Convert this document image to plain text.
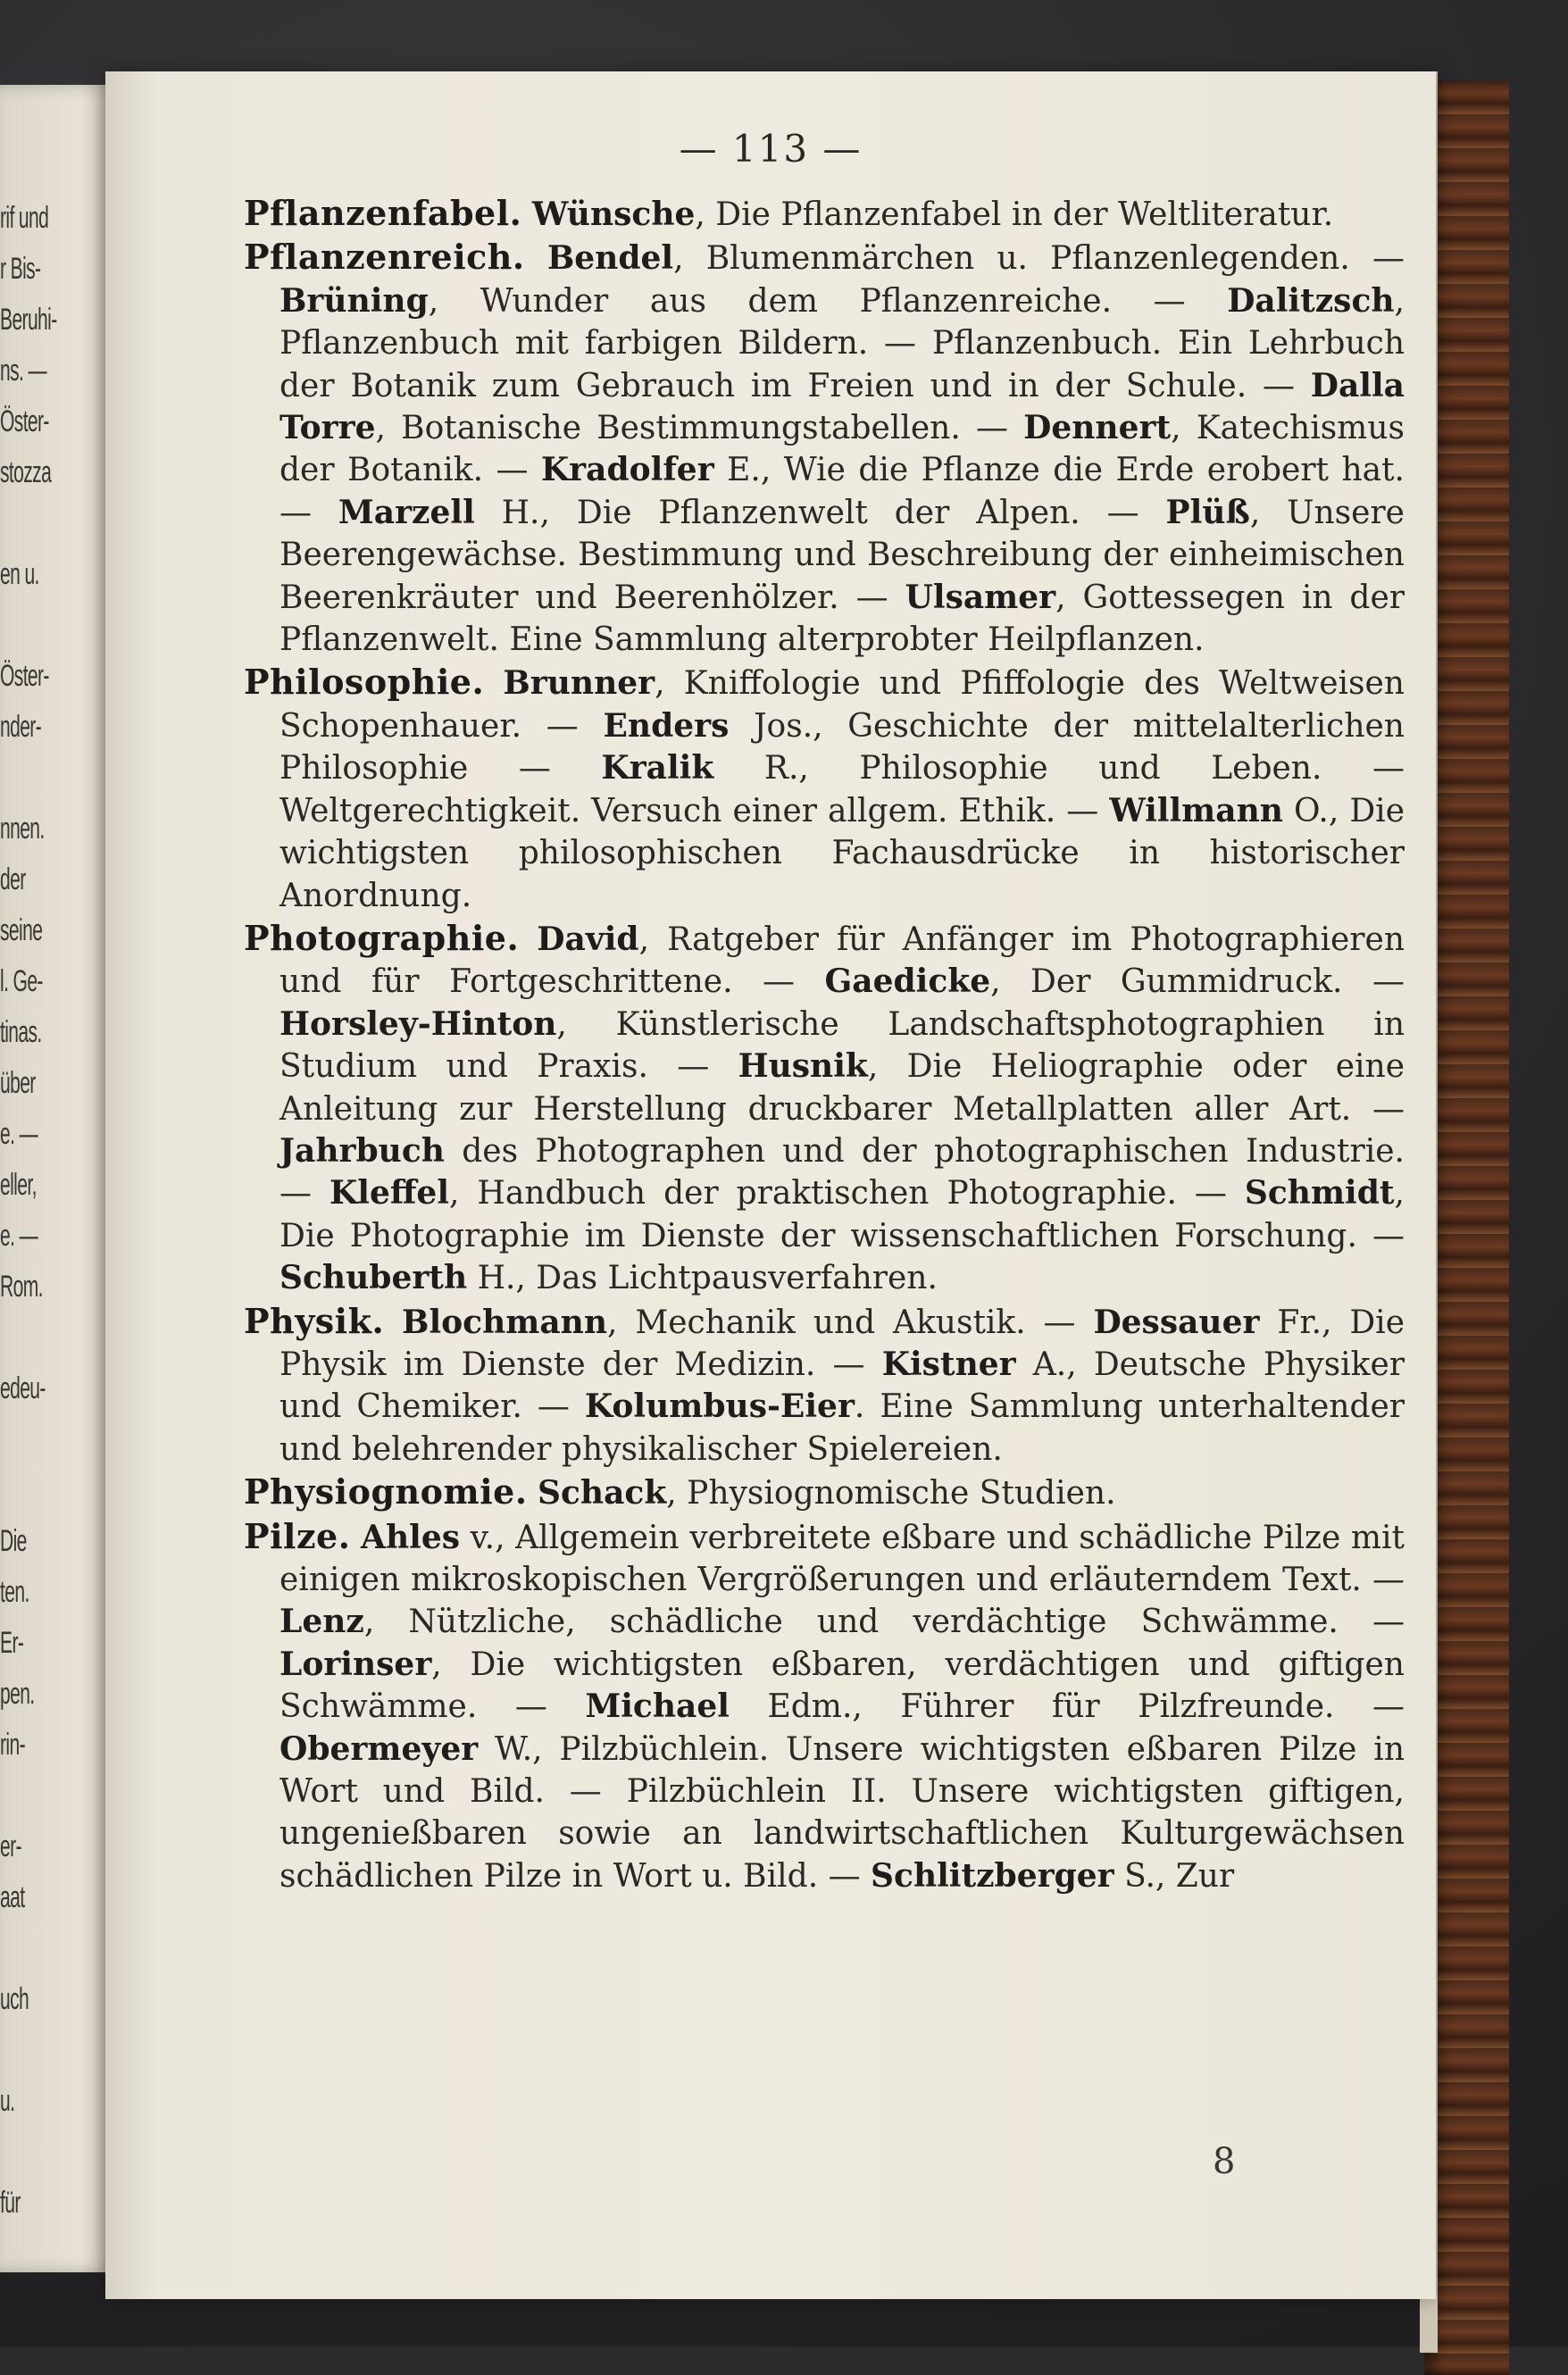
rif und
r Bis-
Beruhi-
ns. —
Öster-
stozza
en u.
Öster-
nder-
nnen.
der
seine
l. Ge-
tinas.
über
e. —
eller,
e. —
Rom.
edeu-
Die
ten.
Er-
pen.
rin-
er-
aat
uch
u.
für
— 113 —

Pflanzenfabel. Wünsche, Die Pflanzenfabel in der Weltliteratur.

Pflanzenreich. Bendel, Blumenmärchen u. Pflanzenlegenden. — Brüning, Wunder aus dem Pflanzenreiche. — Dalitzsch, Pflanzenbuch mit farbigen Bildern. — Pflanzenbuch. Ein Lehrbuch der Botanik zum Gebrauch im Freien und in der Schule. — Dalla Torre, Botanische Bestimmungstabellen. — Dennert, Katechismus der Botanik. — Kradolfer E., Wie die Pflanze die Erde erobert hat. — Marzell H., Die Pflanzenwelt der Alpen. — Plüß, Unsere Beerengewächse. Bestimmung und Beschreibung der einheimischen Beerenkräuter und Beerenhölzer. — Ulsamer, Gottessegen in der Pflanzenwelt. Eine Sammlung alterprobter Heilpflanzen.

Philosophie. Brunner, Kniffologie und Pfiffologie des Weltweisen Schopenhauer. — Enders Jos., Geschichte der mittelalterlichen Philosophie — Kralik R., Philosophie und Leben. — Weltgerechtigkeit. Versuch einer allgem. Ethik. — Willmann O., Die wichtigsten philosophischen Fachausdrücke in historischer Anordnung.

Photographie. David, Ratgeber für Anfänger im Photographieren und für Fortgeschrittene. — Gaedicke, Der Gummidruck. — Horsley-Hinton, Künstlerische Landschaftsphotographien in Studium und Praxis. — Husnik, Die Heliographie oder eine Anleitung zur Herstellung druckbarer Metallplatten aller Art. — Jahrbuch des Photographen und der photographischen Industrie. — Kleffel, Handbuch der praktischen Photographie. — Schmidt, Die Photographie im Dienste der wissenschaftlichen Forschung. — Schuberth H., Das Lichtpausverfahren.

Physik. Blochmann, Mechanik und Akustik. — Dessauer Fr., Die Physik im Dienste der Medizin. — Kistner A., Deutsche Physiker und Chemiker. — Kolumbus-Eier. Eine Sammlung unterhaltender und belehrender physikalischer Spielereien.

Physiognomie. Schack, Physiognomische Studien.

Pilze. Ahles v., Allgemein verbreitete eßbare und schädliche Pilze mit einigen mikroskopischen Vergrößerungen und erläuterndem Text. — Lenz, Nützliche, schädliche und verdächtige Schwämme. — Lorinser, Die wichtigsten eßbaren, verdächtigen und giftigen Schwämme. — Michael Edm., Führer für Pilzfreunde. — Obermeyer W., Pilzbüchlein. Unsere wichtigsten eßbaren Pilze in Wort und Bild. — Pilzbüchlein II. Unsere wichtigsten giftigen, ungenießbaren sowie an landwirtschaftlichen Kulturgewächsen schädlichen Pilze in Wort u. Bild. — Schlitzberger S., Zur

8
